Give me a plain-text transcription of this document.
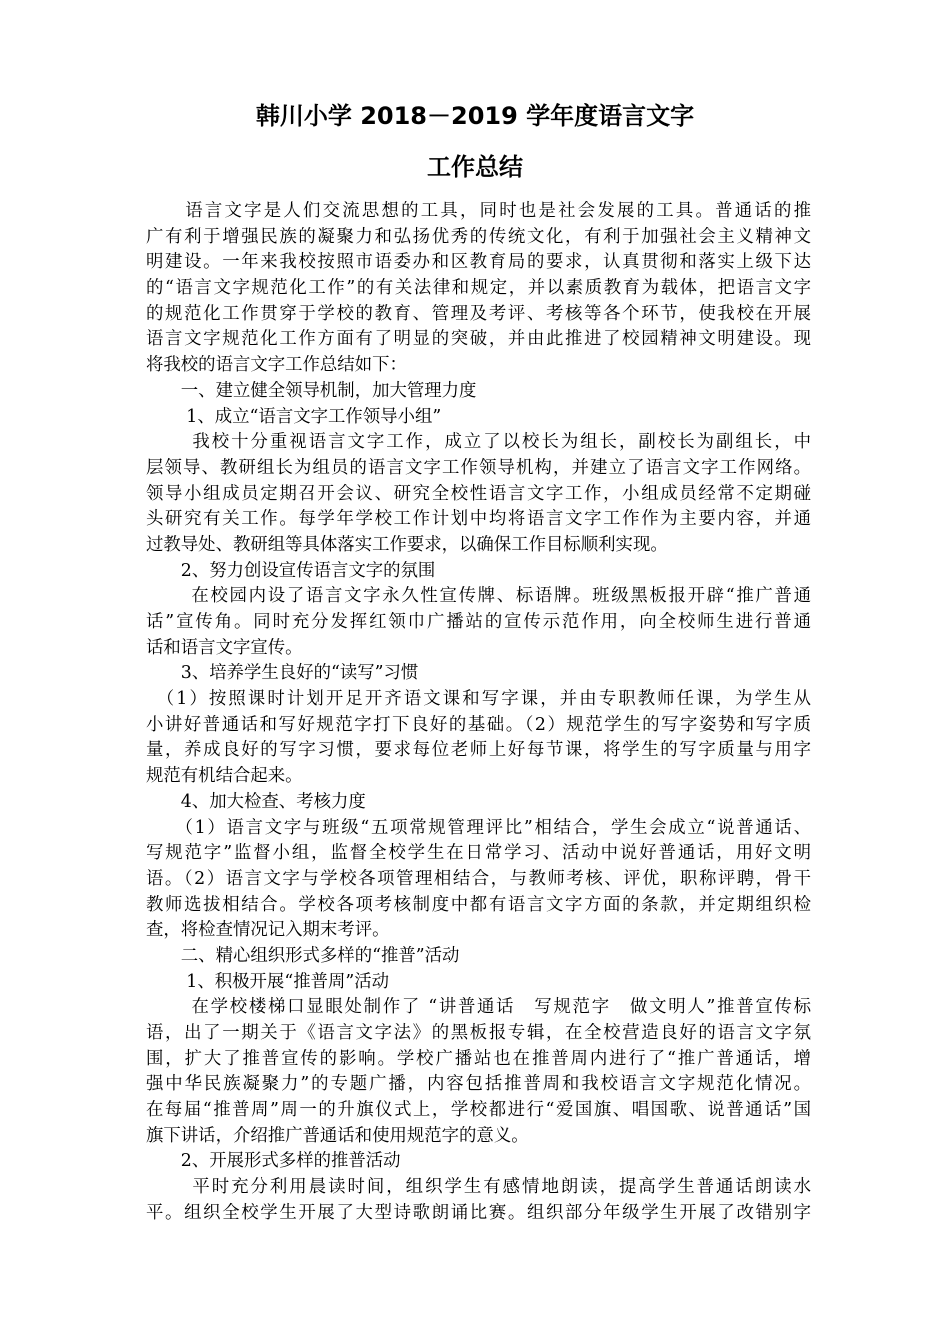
韩川小学 2018－2019 学年度语言文字
工作总结
　　语言文字是人们交流思想的工具，同时也是社会发展的工具。普通话的推
广有利于增强民族的凝聚力和弘扬优秀的传统文化，有利于加强社会主义精神文
明建设。一年来我校按照市语委办和区教育局的要求，认真贯彻和落实上级下达
的“语言文字规范化工作”的有关法律和规定，并以素质教育为载体，把语言文字
的规范化工作贯穿于学校的教育、管理及考评、考核等各个环节，使我校在开展
语言文字规范化工作方面有了明显的突破，并由此推进了校园精神文明建设。现
将我校的语言文字工作总结如下：
　　一、建立健全领导机制，加大管理力度
　　 1、成立“语言文字工作领导小组”
　　 我校十分重视语言文字工作，成立了以校长为组长，副校长为副组长，中
层领导、教研组长为组员的语言文字工作领导机构，并建立了语言文字工作网络。
领导小组成员定期召开会议、研究全校性语言文字工作，小组成员经常不定期碰
头研究有关工作。每学年学校工作计划中均将语言文字工作作为主要内容，并通
过教导处、教研组等具体落实工作要求，以确保工作目标顺利实现。
　　2、努力创设宣传语言文字的氛围
　　 在校园内设了语言文字永久性宣传牌、标语牌。班级黑板报开辟“推广普通
话”宣传角。同时充分发挥红领巾广播站的宣传示范作用，向全校师生进行普通
话和语言文字宣传。
　　3、培养学生良好的“读写”习惯
　（1）按照课时计划开足开齐语文课和写字课，并由专职教师任课，为学生从
小讲好普通话和写好规范字打下良好的基础。（2）规范学生的写字姿势和写字质
量，养成良好的写字习惯，要求每位老师上好每节课，将学生的写字质量与用字
规范有机结合起来。
　　4、加大检查、考核力度
　　（1）语言文字与班级“五项常规管理评比”相结合，学生会成立“说普通话、
写规范字”监督小组，监督全校学生在日常学习、活动中说好普通话，用好文明
语。（2）语言文字与学校各项管理相结合，与教师考核、评优，职称评聘，骨干
教师选拔相结合。学校各项考核制度中都有语言文字方面的条款，并定期组织检
查，将检查情况记入期末考评。
　　二、精心组织形式多样的“推普”活动
　　 1、积极开展“推普周”活动
　　 在学校楼梯口显眼处制作了 “讲普通话　写规范字　做文明人”推普宣传标
语，出了一期关于《语言文字法》的黑板报专辑，在全校营造良好的语言文字氛
围，扩大了推普宣传的影响。学校广播站也在推普周内进行了“推广普通话，增
强中华民族凝聚力”的专题广播，内容包括推普周和我校语言文字规范化情况。
在每届“推普周”周一的升旗仪式上，学校都进行“爱国旗、唱国歌、说普通话”国
旗下讲话，介绍推广普通话和使用规范字的意义。
　　2、开展形式多样的推普活动
　　 平时充分利用晨读时间，组织学生有感情地朗读，提高学生普通话朗读水
平。组织全校学生开展了大型诗歌朗诵比赛。组织部分年级学生开展了改错别字
